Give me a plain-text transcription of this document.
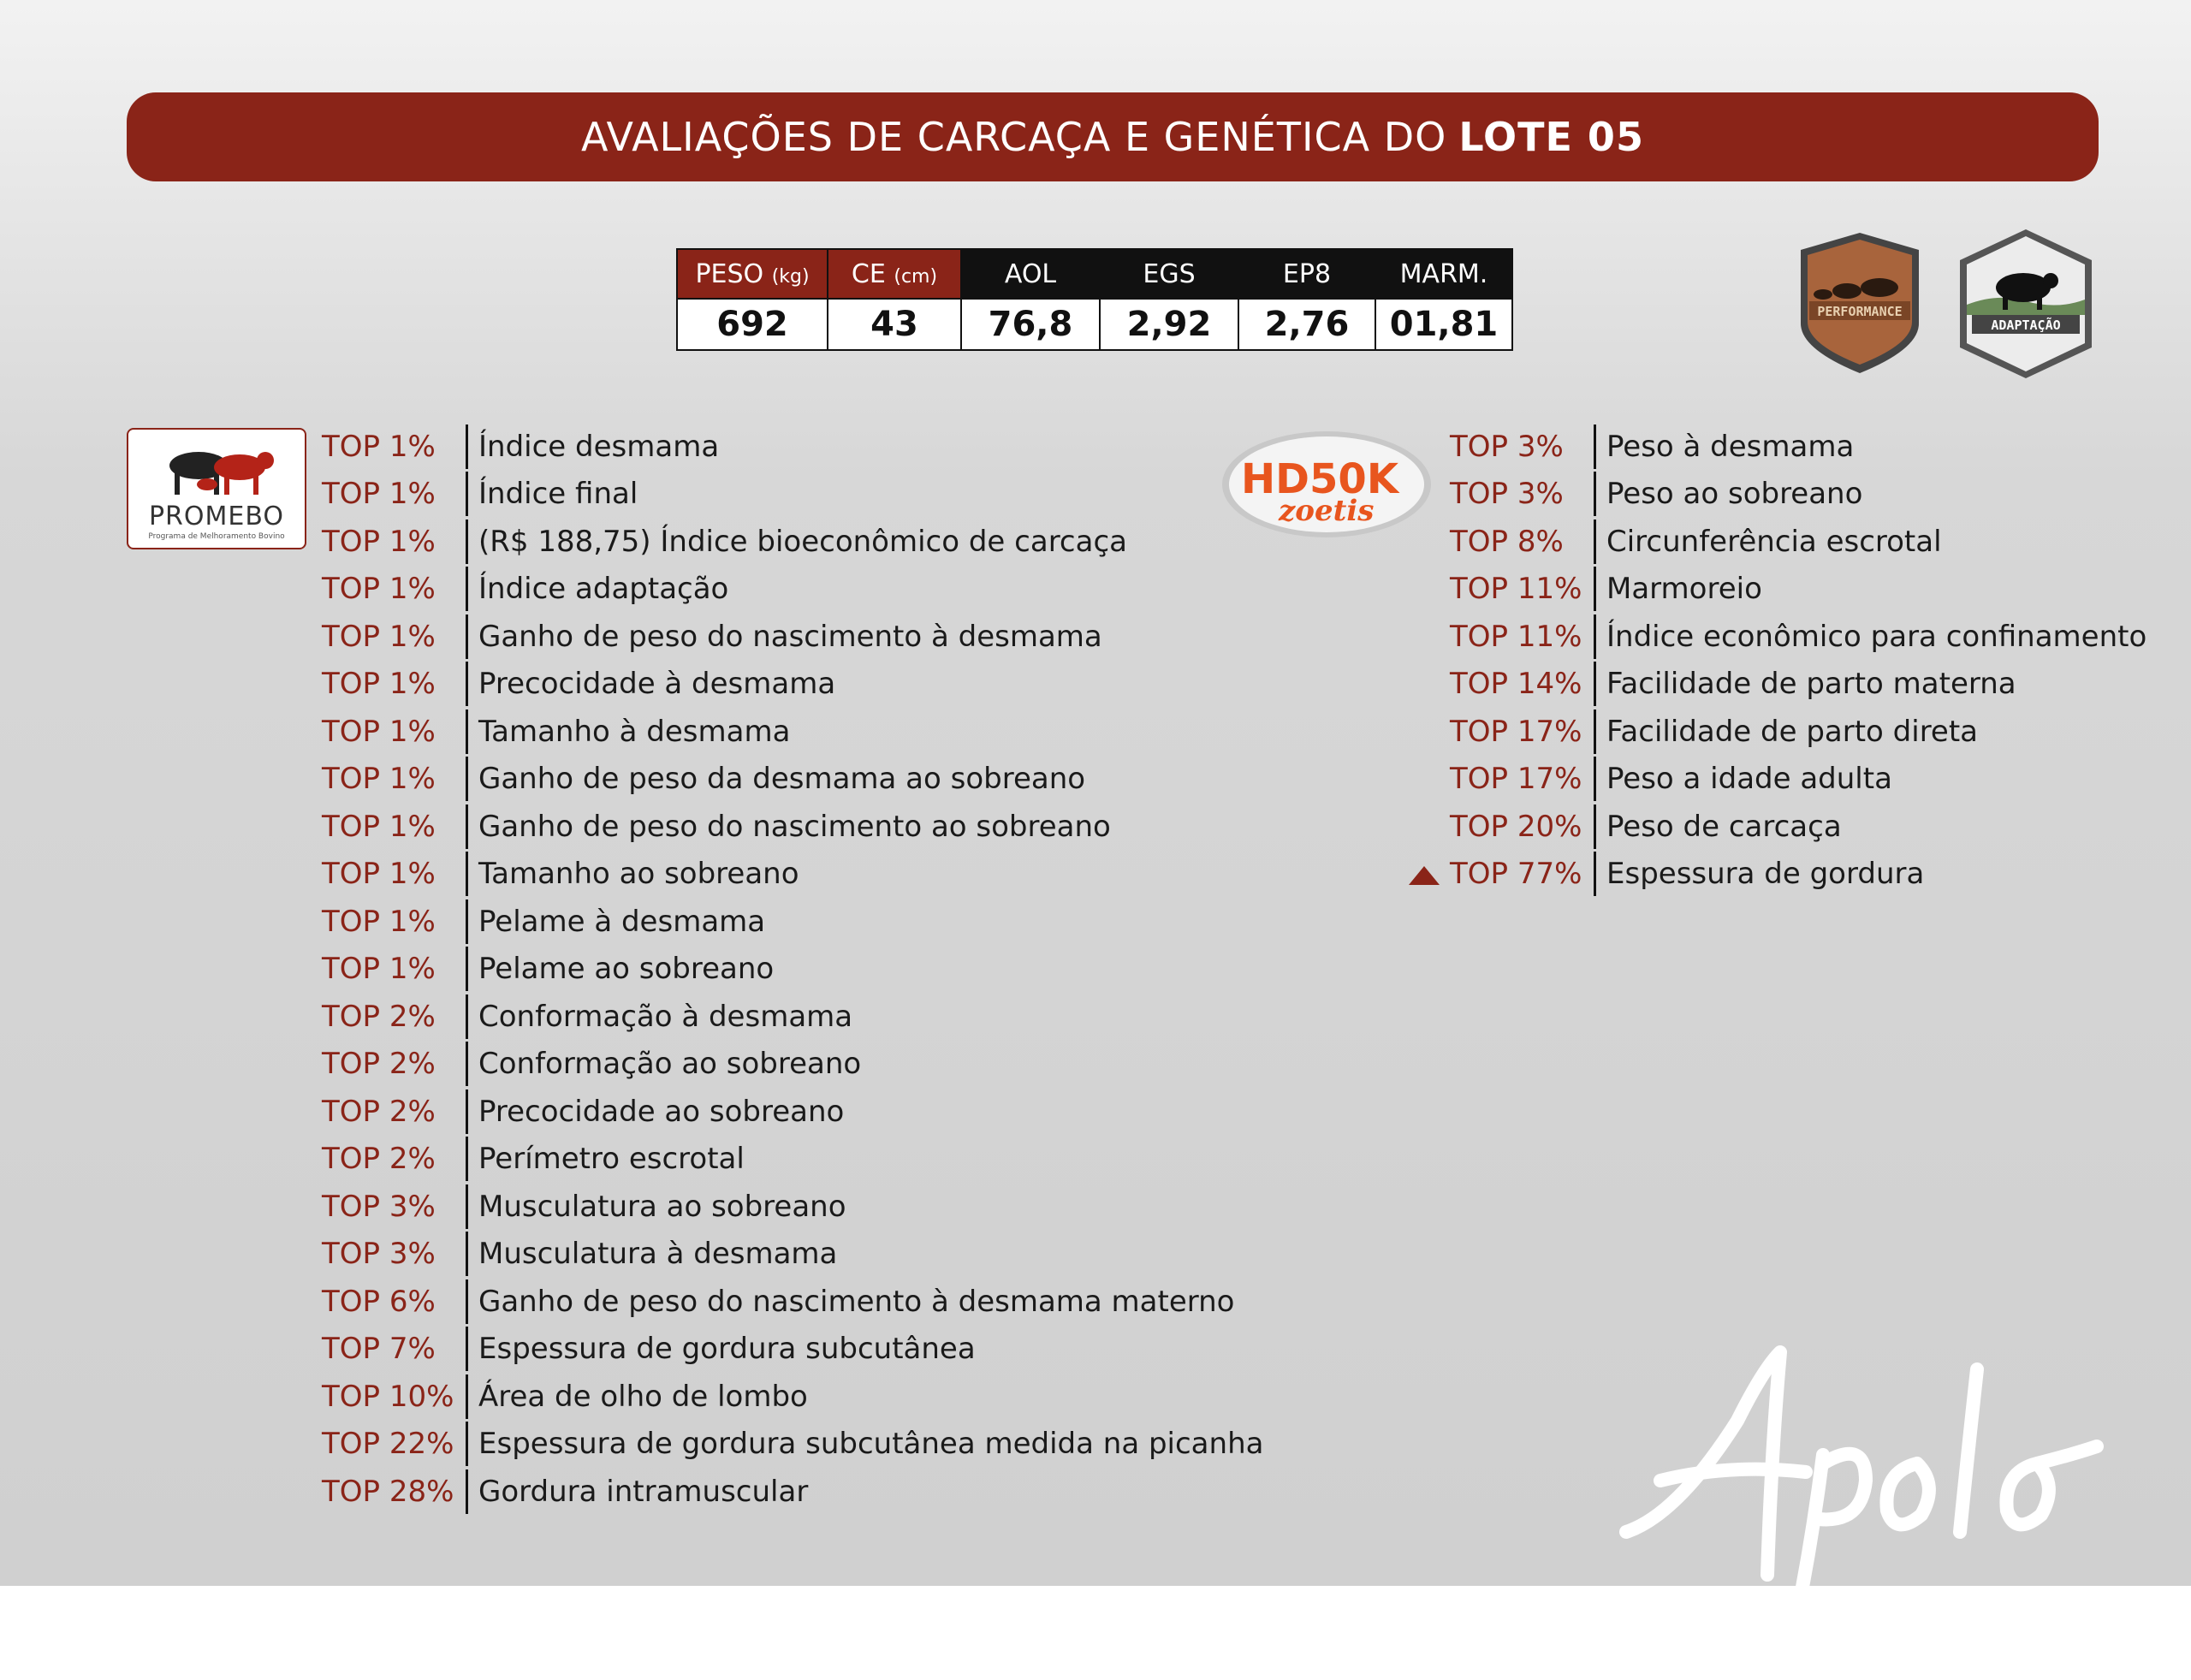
AVALIAÇÕES DE CARCAÇA E GENÉTICA DO LOTE 05
PESO (kg)	CE (cm)	AOL	EGS	EP8	MARM.
692	43	76,8	2,92	2,76	01,81	PERFORMANCE
ADAPTAÇÃO
PROMEBO
Programa de Melhoramento Bovino
HD50K
zoetis
TOP 1%	Índice desmama
TOP 1%	Índice final
TOP 1%	(R$ 188,75) Índice bioeconômico de carcaça
TOP 1%	Índice adaptação
TOP 1%	Ganho de peso do nascimento à desmama
TOP 1%	Precocidade à desmama
TOP 1%	Tamanho à desmama
TOP 1%	Ganho de peso da desmama ao sobreano
TOP 1%	Ganho de peso do nascimento ao sobreano
TOP 1%	Tamanho ao sobreano
TOP 1%	Pelame à desmama
TOP 1%	Pelame ao sobreano
TOP 2%	Conformação à desmama
TOP 2%	Conformação ao sobreano
TOP 2%	Precocidade ao sobreano
TOP 2%	Perímetro escrotal
TOP 3%	Musculatura ao sobreano
TOP 3%	Musculatura à desmama
TOP 6%	Ganho de peso do nascimento à desmama materno
TOP 7%	Espessura de gordura subcutânea
TOP 10% Área de olho de lombo
TOP 22% Espessura de gordura subcutânea medida na picanha
TOP 28% Gordura intramuscular
TOP 3%	Peso à desmama
TOP 3%	Peso ao sobreano
TOP 8%	Circunferência escrotal
TOP 11% Marmoreio
TOP 11% Índice econômico para confinamento
TOP 14% Facilidade de parto materna
TOP 17% Facilidade de parto direta
TOP 17% Peso a idade adulta
TOP 20% Peso de carcaça
TOP 77% Espessura de gordura
